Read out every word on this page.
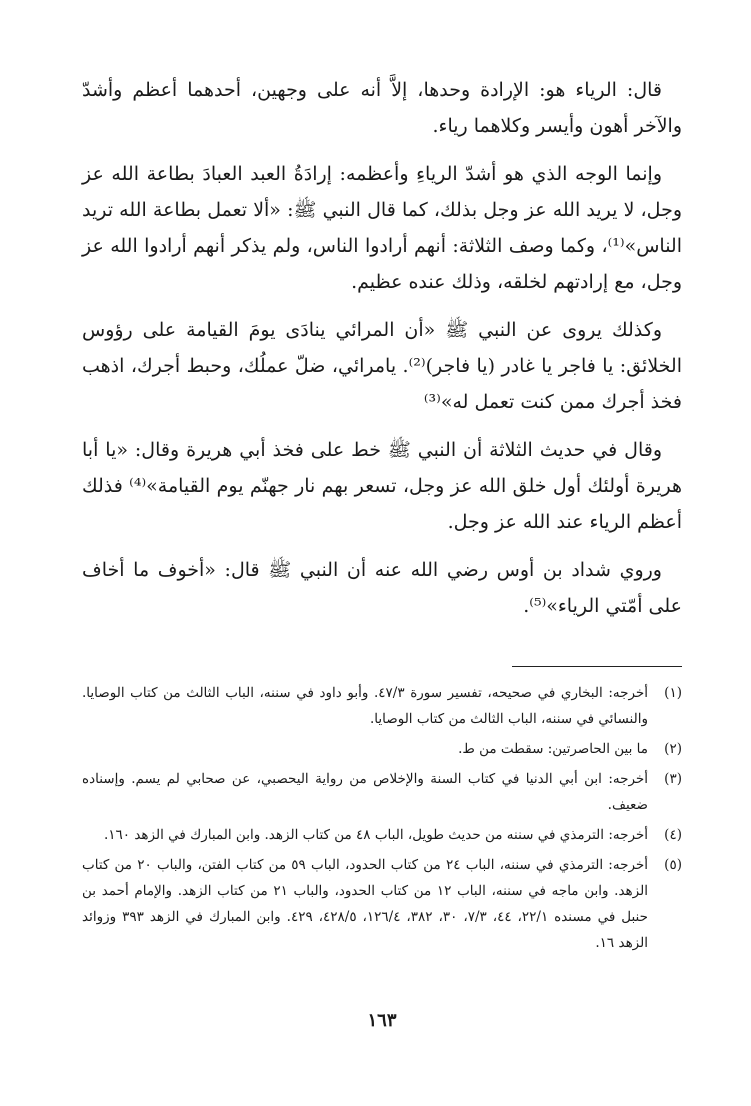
قال: الرياء هو: الإرادة وحدها، إلاَّ أنه على وجهين، أحدهما أعظم وأشدّ والآخر أهون وأيسر وكلاهما رياء.

وإنما الوجه الذي هو أشدّ الرياءِ وأعظمه: إرادَةُ العبد العبادَ بطاعة الله عز وجل، لا يريد الله عز وجل بذلك، كما قال النبي ﷺ: «ألا تعمل بطاعة الله تريد الناس»⁽¹⁾، وكما وصف الثلاثة: أنهم أرادوا الناس، ولم يذكر أنهم أرادوا الله عز وجل، مع إرادتهم لخلقه، وذلك عنده عظيم.

وكذلك يروى عن النبي ﷺ «أن المرائي ينادَى يومَ القيامة على رؤوس الخلائق: يا فاجر يا غادر (يا فاجر)⁽²⁾. يامرائي، ضلّ عملُك، وحبط أجرك، اذهب فخذ أجرك ممن كنت تعمل له»⁽³⁾

وقال في حديث الثلاثة أن النبي ﷺ خط على فخذ أبي هريرة وقال: «يا أبا هريرة أولئك أول خلق الله عز وجل، تسعر بهم نار جهنّم يوم القيامة»⁽⁴⁾ فذلك أعظم الرياء عند الله عز وجل.

وروي شداد بن أوس رضي الله عنه أن النبي ﷺ قال: «أخوف ما أخاف على أمّتي الرياء»⁽⁵⁾.

(١)
أخرجه: البخاري في صحيحه، تفسير سورة ٤٧/٣. وأبو داود في سننه، الباب الثالث من كتاب الوصايا. والنسائي في سننه، الباب الثالث من كتاب الوصايا.
(٢)
ما بين الحاصرتين: سقطت من ط.
(٣)
أخرجه: ابن أبي الدنيا في كتاب السنة والإخلاص من رواية اليحصبي، عن صحابي لم يسم. وإسناده ضعيف.
(٤)
أخرجه: الترمذي في سننه من حديث طويل، الباب ٤٨ من كتاب الزهد. وابن المبارك في الزهد ١٦٠.
(٥)
أخرجه: الترمذي في سننه، الباب ٢٤ من كتاب الحدود، الباب ٥٩ من كتاب الفتن، والباب ٢٠ من كتاب الزهد. وابن ماجه في سننه، الباب ١٢ من كتاب الحدود، والباب ٢١ من كتاب الزهد. والإمام أحمد بن حنبل في مسنده ٢٢/١، ٤٤، ٧/٣، ٣٠، ٣٨٢، ١٢٦/٤، ٤٢٨/٥، ٤٢٩. وابن المبارك في الزهد ٣٩٣ وزوائد الزهد ١٦.
١٦٣
